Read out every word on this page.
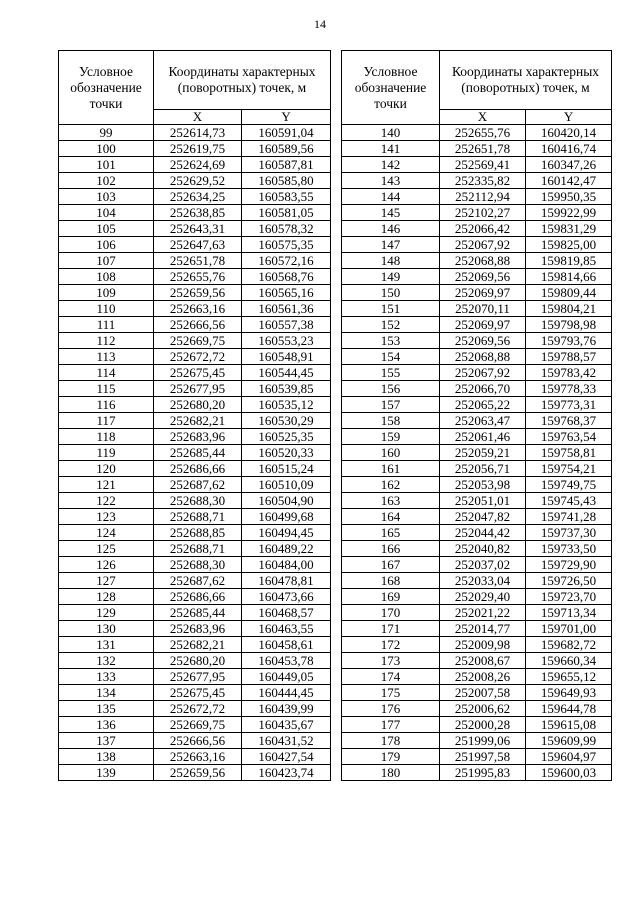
14
Условное обозначение точки	Координаты характерных (поворотных) точек, м	
	X	Y
99	252614,73	160591,04
100	252619,75	160589,56
101	252624,69	160587,81
102	252629,52	160585,80
103	252634,25	160583,55
104	252638,85	160581,05
105	252643,31	160578,32
106	252647,63	160575,35
107	252651,78	160572,16
108	252655,76	160568,76
109	252659,56	160565,16
110	252663,16	160561,36
111	252666,56	160557,38
112	252669,75	160553,23
113	252672,72	160548,91
114	252675,45	160544,45
115	252677,95	160539,85
116	252680,20	160535,12
117	252682,21	160530,29
118	252683,96	160525,35
119	252685,44	160520,33
120	252686,66	160515,24
121	252687,62	160510,09
122	252688,30	160504,90
123	252688,71	160499,68
124	252688,85	160494,45
125	252688,71	160489,22
126	252688,30	160484,00
127	252687,62	160478,81
128	252686,66	160473,66
129	252685,44	160468,57
130	252683,96	160463,55
131	252682,21	160458,61
132	252680,20	160453,78
133	252677,95	160449,05
134	252675,45	160444,45
135	252672,72	160439,99
136	252669,75	160435,67
137	252666,56	160431,52
138	252663,16	160427,54
139	252659,56	160423,74
Условное обозначение точки	Координаты характерных (поворотных) точек, м	
	X	Y
140	252655,76	160420,14
141	252651,78	160416,74
142	252569,41	160347,26
143	252335,82	160142,47
144	252112,94	159950,35
145	252102,27	159922,99
146	252066,42	159831,29
147	252067,92	159825,00
148	252068,88	159819,85
149	252069,56	159814,66
150	252069,97	159809,44
151	252070,11	159804,21
152	252069,97	159798,98
153	252069,56	159793,76
154	252068,88	159788,57
155	252067,92	159783,42
156	252066,70	159778,33
157	252065,22	159773,31
158	252063,47	159768,37
159	252061,46	159763,54
160	252059,21	159758,81
161	252056,71	159754,21
162	252053,98	159749,75
163	252051,01	159745,43
164	252047,82	159741,28
165	252044,42	159737,30
166	252040,82	159733,50
167	252037,02	159729,90
168	252033,04	159726,50
169	252029,40	159723,70
170	252021,22	159713,34
171	252014,77	159701,00
172	252009,98	159682,72
173	252008,67	159660,34
174	252008,26	159655,12
175	252007,58	159649,93
176	252006,62	159644,78
177	252000,28	159615,08
178	251999,06	159609,99
179	251997,58	159604,97
180	251995,83	159600,03
